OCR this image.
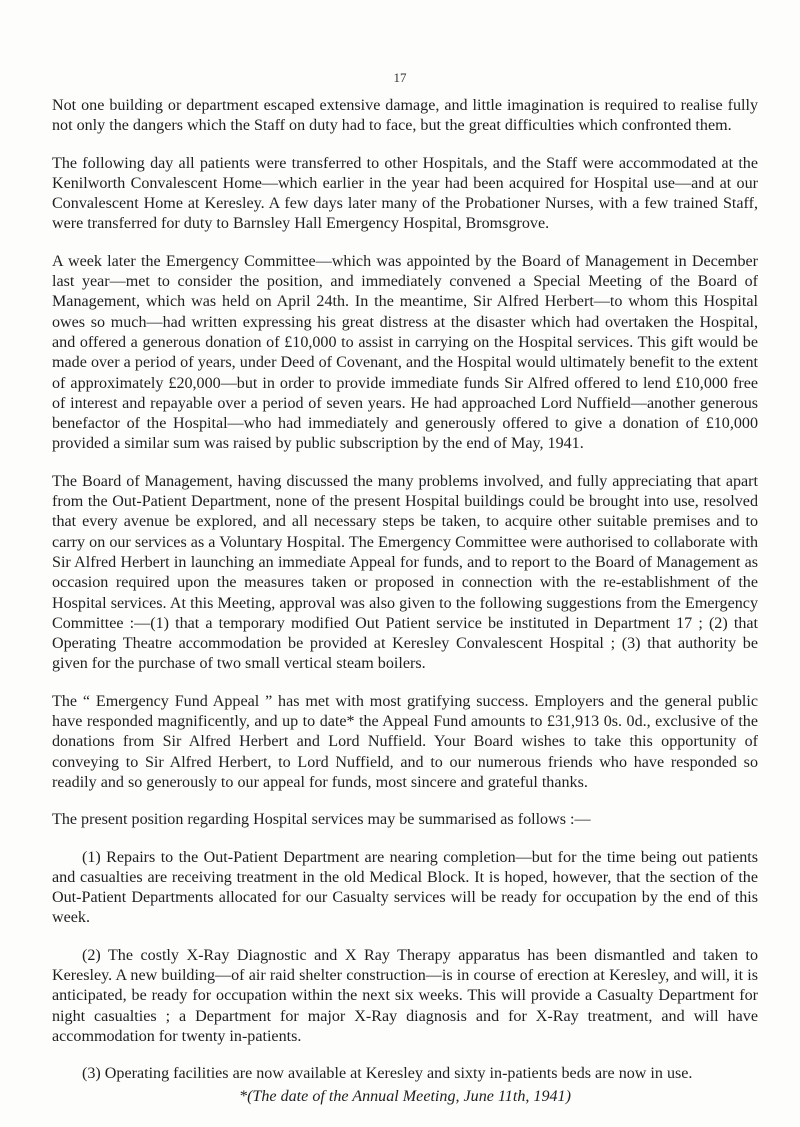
17

Not one building or department escaped extensive damage, and little imagination is required to realise fully not only the dangers which the Staff on duty had to face, but the great difficulties which confronted them.

The following day all patients were transferred to other Hospitals, and the Staff were accommodated at the Kenilworth Convalescent Home—which earlier in the year had been acquired for Hospital use—and at our Convalescent Home at Keresley. A few days later many of the Probationer Nurses, with a few trained Staff, were transferred for duty to Barnsley Hall Emergency Hospital, Bromsgrove.

A week later the Emergency Committee—which was appointed by the Board of Management in December last year—met to consider the position, and immediately convened a Special Meeting of the Board of Management, which was held on April 24th. In the meantime, Sir Alfred Herbert—to whom this Hospital owes so much—had written expressing his great distress at the disaster which had overtaken the Hospital, and offered a generous donation of £10,000 to assist in carrying on the Hospital services. This gift would be made over a period of years, under Deed of Covenant, and the Hospital would ultimately benefit to the extent of approximately £20,000—but in order to provide immediate funds Sir Alfred offered to lend £10,000 free of interest and repayable over a period of seven years. He had approached Lord Nuffield—another generous benefactor of the Hospital—who had immediately and generously offered to give a donation of £10,000 provided a similar sum was raised by public subscription by the end of May, 1941.

The Board of Management, having discussed the many problems involved, and fully appreciating that apart from the Out-Patient Department, none of the present Hospital buildings could be brought into use, resolved that every avenue be explored, and all necessary steps be taken, to acquire other suitable premises and to carry on our services as a Voluntary Hospital. The Emergency Committee were authorised to collaborate with Sir Alfred Herbert in launching an immediate Appeal for funds, and to report to the Board of Management as occasion required upon the measures taken or proposed in connection with the re-establishment of the Hospital services. At this Meeting, approval was also given to the following suggestions from the Emergency Committee :—(1) that a temporary modified Out Patient service be instituted in Department 17 ; (2) that Operating Theatre accommodation be provided at Keresley Convalescent Hospital ; (3) that authority be given for the purchase of two small vertical steam boilers.

The “ Emergency Fund Appeal ” has met with most gratifying success. Employers and the general public have responded magnificently, and up to date* the Appeal Fund amounts to £31,913 0s. 0d., exclusive of the donations from Sir Alfred Herbert and Lord Nuffield. Your Board wishes to take this opportunity of conveying to Sir Alfred Herbert, to Lord Nuffield, and to our numerous friends who have responded so readily and so generously to our appeal for funds, most sincere and grateful thanks.

The present position regarding Hospital services may be summarised as follows :—

(1) Repairs to the Out-Patient Department are nearing completion—but for the time being out patients and casualties are receiving treatment in the old Medical Block. It is hoped, however, that the section of the Out-Patient Departments allocated for our Casualty services will be ready for occupation by the end of this week.

(2) The costly X-Ray Diagnostic and X Ray Therapy apparatus has been dismantled and taken to Keresley. A new building—of air raid shelter construction—is in course of erection at Keresley, and will, it is anticipated, be ready for occupation within the next six weeks. This will provide a Casualty Department for night casualties ; a Department for major X-Ray diagnosis and for X-Ray treatment, and will have accommodation for twenty in-patients.

(3) Operating facilities are now available at Keresley and sixty in-patients beds are now in use.

*(The date of the Annual Meeting, June 11th, 1941)
